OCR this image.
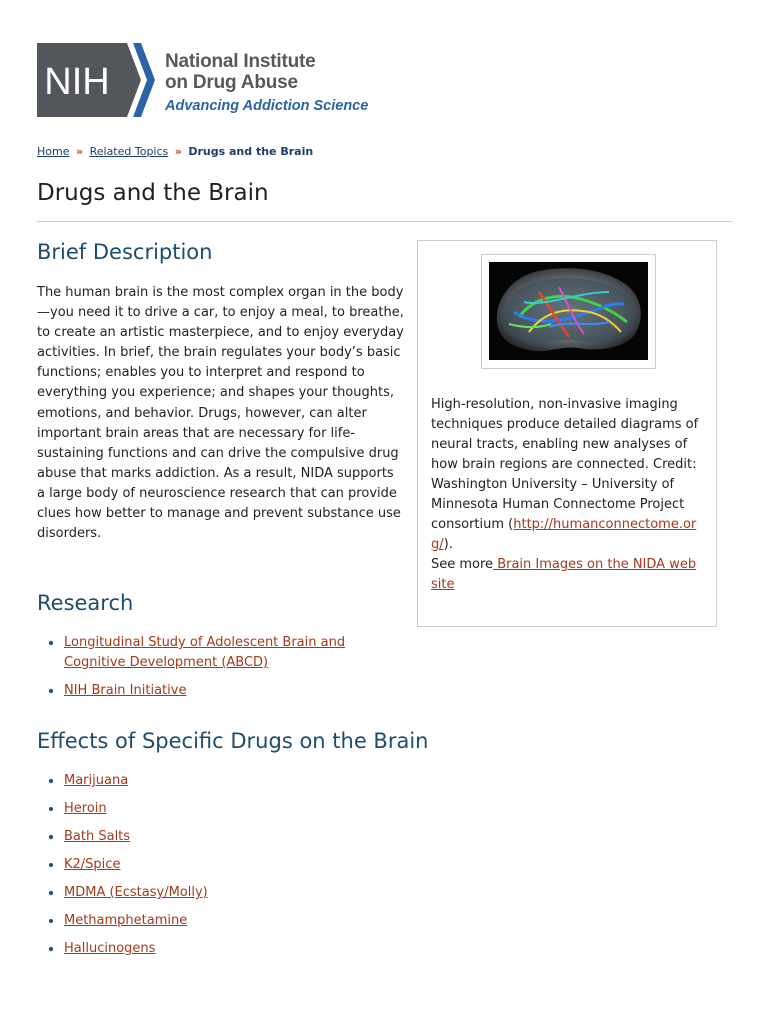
NIH	National Institute
on Drug Abuse
Advancing Addiction Science
Home » Related Topics » Drugs and the Brain
Drugs and the Brain
Brief Description

The human brain is the most complex organ in the body—you need it to drive a car, to enjoy a meal, to breathe, to create an artistic masterpiece, and to enjoy everyday activities. In brief, the brain regulates your body’s basic functions; enables you to interpret and respond to everything you experience; and shapes your thoughts, emotions, and behavior. Drugs, however, can alter important brain areas that are necessary for life-sustaining functions and can drive the compulsive drug abuse that marks addiction. As a result, NIDA supports a large body of neuroscience research that can provide clues how better to manage and prevent substance use disorders.

Research
Longitudinal Study of Adolescent Brain and Cognitive Development (ABCD)
NIH Brain Initiative
Effects of Specific Drugs on the Brain
Marijuana
Heroin
Bath Salts
K2/Spice
MDMA (Ecstasy/Molly)
Methamphetamine
Hallucinogens
High-resolution, non-invasive imaging techniques produce detailed diagrams of neural tracts, enabling new analyses of how brain regions are connected. Credit: Washington University – University of Minnesota Human Connectome Project consortium (http://humanconnectome.org/).
See more Brain Images on the NIDA web site
